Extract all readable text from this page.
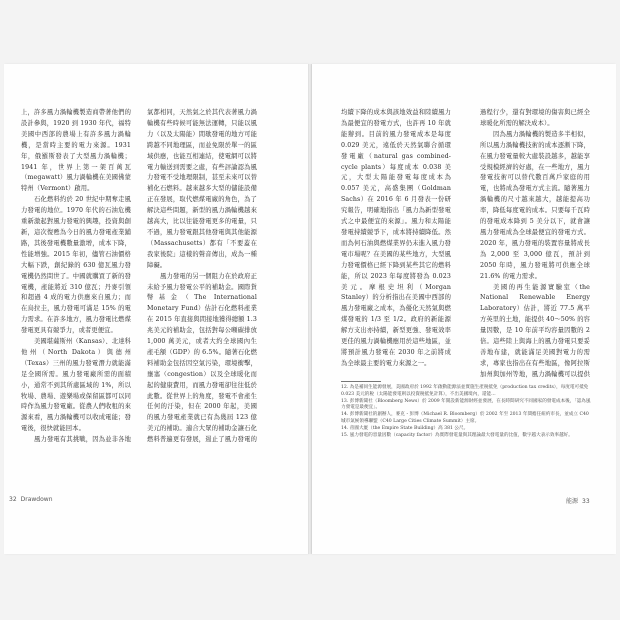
上，許多風力渦輪機製造商帶著他們的設計參與，1920 到 1930 年代，福特美國中西部的農場上有許多風力渦輪機，是當時主要的電力來源。1931 年，俄羅斯發表了大型風力渦輪機；1941 年，世界上第一架百萬瓦（megawatt）風力渦輪機在美國佛蒙特州（Vermont）啟用。

石化燃料約於 20 世紀中期奪走風力發電的地位。1970 年代的石油危機重新激起對風力發電的興趣，投資與創新，這次復甦為今日的風力發電產業鋪路，其後發電機數量激增，成本下降，性能增強。2015 年初，儘管石油價格大幅下跌，創紀錄的 630 億瓦風力發電機仍然問世了。中國就購買了新的發電機，產能將近 310 億瓦；丹麥引領和超過 4 成的電力供應來自風力；而在烏拉圭，風力發電可滿足 15% 的電力需求。在許多地方，風力發電比燃煤發電更具有競爭力，或者更便宜。

美國堪薩斯州（Kansas）、北達科他州（North Dakota）與德州（Texas）三州的風力發電潛力就能滿足全國所需。風力發電廠所需的面積小，通常不到其所處區域的 1%，所以牧場、農場、遊樂場或保留區都可以同時作為風力發電廠。從農人們收租的來源來看，風力渦輪機可以收成電能；發電後，很快就能回本。

風力發電有其挑戰，因為並非各地

氣都相同，天然氣之於其代表著風力渦輪機有些時候可能無法運轉，只能以風力（以及太陽能）間歇發電的地方可能跨越不同地理區，而並免限於單一的區域供應，也能互相連結，使電網可以將電力輸送到需要之處，有些評論認為風力發電不受地理限制，甚至未來可以替補化石燃料。越來越多大型的儲能設備正在發展，取代燃煤電廠的角色，為了解決這些問題，新型的風力渦輪機越來越高大，比以往能發電更多的電量，只不過，風力發電跟其他發電與其他能源（Massachusetts）都有「不要蓋在我家後院」這樣的聲音傳出，成為一種障礙。

風力發電的另一個阻力在於政府正未給予風力發電公平的補助金。國際貨幣基金（The International Monetary Fund）估計石化燃料產業在 2015 年直接與間接地獲得總額 1.3 兆美元的補助金，包括對每公噸碳排放 1,000 萬美元，或者大約全球國內生產毛額（GDP）的 6.5%。隨著石化燃料補助金包括因空氣污染，環境衝擊，壅塞（congestion）以及全球暖化而起的健康費用，而風力發電卻往往低於此數。從世界上的角度，發電不會產生任何的汙染，但在 2000 年起，美國的風力發電產業就已有為幾屆 123 億美元的補助。適合大眾的補助金讓石化燃料普遍更有發展，遏止了風力發電的

均續下降的成本與該地效益和陸續風力為最便宜的發電方式，也許再 10 年就能辦到。目前的風力發電成本是每度 0.029 美元，遠低於天然氣聯合循環發電廠（natural gas combined-cycle plants）每度成本 0.038 美元，大型太陽能發電每度成本為 0.057 美元，高盛集團（Goldman Sachs）在 2016 年 6 月發表一份研究報告，明確地指出「風力為新型發電式之中最便宜的來源」。風力和太陽能發電持續競爭下，成本將持續降低。然而為何石油與燃煤業界仍未進入風力發電市場呢？在美國的某些地方，大型風力發電價格已經下降到某些其它的燃料能，所以 2023 年每度將發為 0.023 美元。摩根史坦利（Morgan Stanley）的分析指出在美國中西部的風力發電廠之成本，為優化天然氣與燃煤發電的 1/3 至 1/2。政府的新能源解方支出亦持續，新型更強、發電效率更佳的風力渦輪機應用於這些地區，並將預計風力發電在 2030 年之前將成為全球最主要的電力來源之一。

過程行少，還有對環境的傷害與已經全球暖化所需的解決成本）。

因為風力渦輪機的製造多半相似，所以風力渦輪機技術的成本逐漸下降，在風力發電量較大處裝設越多，越能享受規模經濟的好處，在一些地方，風力發電技術可以替代數百萬戶家庭的用電，也將成為發電方式主流。隨著風力渦輪機的尺寸越來越大，越能提高功率，降低每度電的成本。只要每千瓦時的發電成本降到 5 美分以下，就會讓風力發電成為全球最便宜的發電方式。2020 年，風力發電的裝置容量將成長為 2,000 至 3,000 億瓦，預計到 2050 年時，風力發電將可供應全球 21.6% 的電力需求。

美國的再生能源實驗室（the National Renewable Energy Laboratory）估計，將近 77.5 萬平方英里的土地，能提供 40～50% 的容量因數，是 10 年前平均容量因數的 2 倍。這些陸上與海上的風力發電只要妥善地布建，就能滿足美國對電力的需求，專家也指出在有些地區，像阿拉斯加州與加州等地，風力渦輪機可以提供

12. 為是補同生能源發展，美國政府於 1992 年啟動能源法並實施生產稅抵免（production tax credits），每度電可抵免 0.023 美元的稅（太陽能發電則以投資稅抵免計算），不出美國境內，還能…
13. 彭博新聞社（Bloomberg News）於 2009 年開設新能源財經並發展，在長時間研究不同國家的發電成本後，「認為風力發電是最便宜」。
14. 彭博新聞社的創辦人，麥克・彭博（Michael R. Bloomberg）於 2002 年至 2013 年間擔任紐約市長，並成立 C40 城市氣候領導聯盟（C40 Large Cities Climate Summit）主席。
14. 帝國大廈（the Empire State Building）高 381 公尺。
15. 風力發電的容量因數（capacity factor）為實際發電量與其理論最大發電量的比值，數字越大表示效率越好。
32 Drawdown	能源 33
